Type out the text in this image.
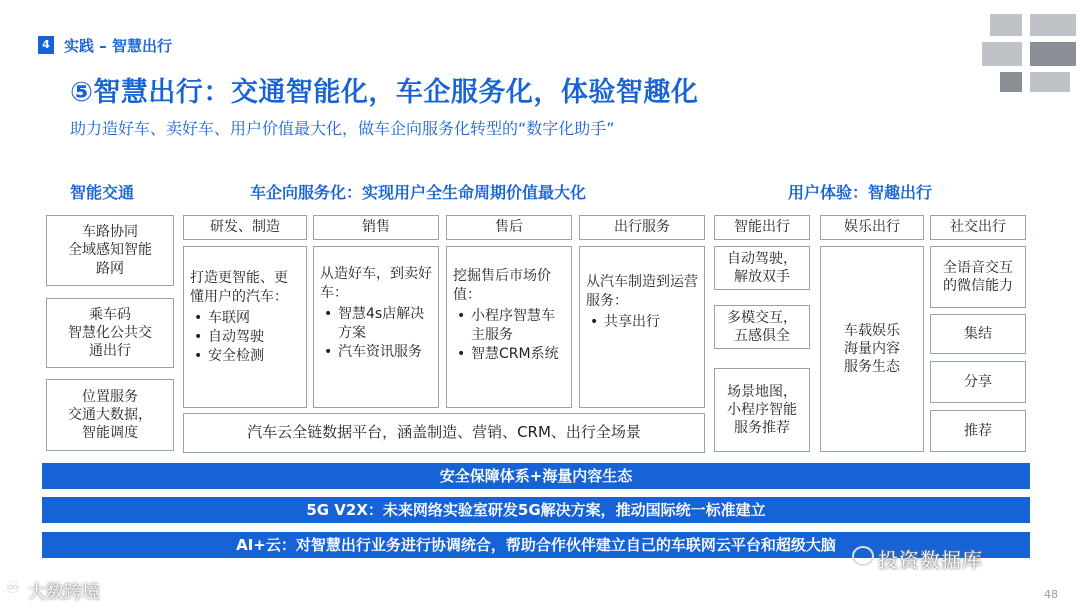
4 实践 – 智慧出行
⑤智慧出行：交通智能化，车企服务化，体验智趣化
助力造好车、卖好车、用户价值最大化，做车企向服务化转型的“数字化助手”
智能交通	车企向服务化：实现用户全生命周期价值最大化	用户体验：智趣出行
车路协同
全域感知智能
路网
乘车码
智慧化公共交
通出行
位置服务
交通大数据，
智能调度
研发、制造	销售	售后	出行服务
打造更智能、更懂用户的汽车：
• 车联网
• 自动驾驶
• 安全检测
从造好车，到卖好车：
• 智慧4s店解决方案
• 汽车资讯服务
挖掘售后市场价值：
• 小程序智慧车主服务
• 智慧CRM系统
从汽车制造到运营服务：
• 共享出行
汽车云全链数据平台，涵盖制造、营销、CRM、出行全场景
智能出行	娱乐出行	社交出行
自动驾驶，
解放双手
多模交互，
五感俱全
场景地图，
小程序智能
服务推荐
车载娱乐
海量内容
服务生态
全语音交互
的微信能力
集结
分享
推荐
安全保障体系+海量内容生态
5G V2X：未来网络实验室研发5G解决方案，推动国际统一标准建立
AI+云：对智慧出行业务进行协调统合，帮助合作伙伴建立自己的车联网云平台和超级大脑
投资数据库
♾ 大数跨境	48
